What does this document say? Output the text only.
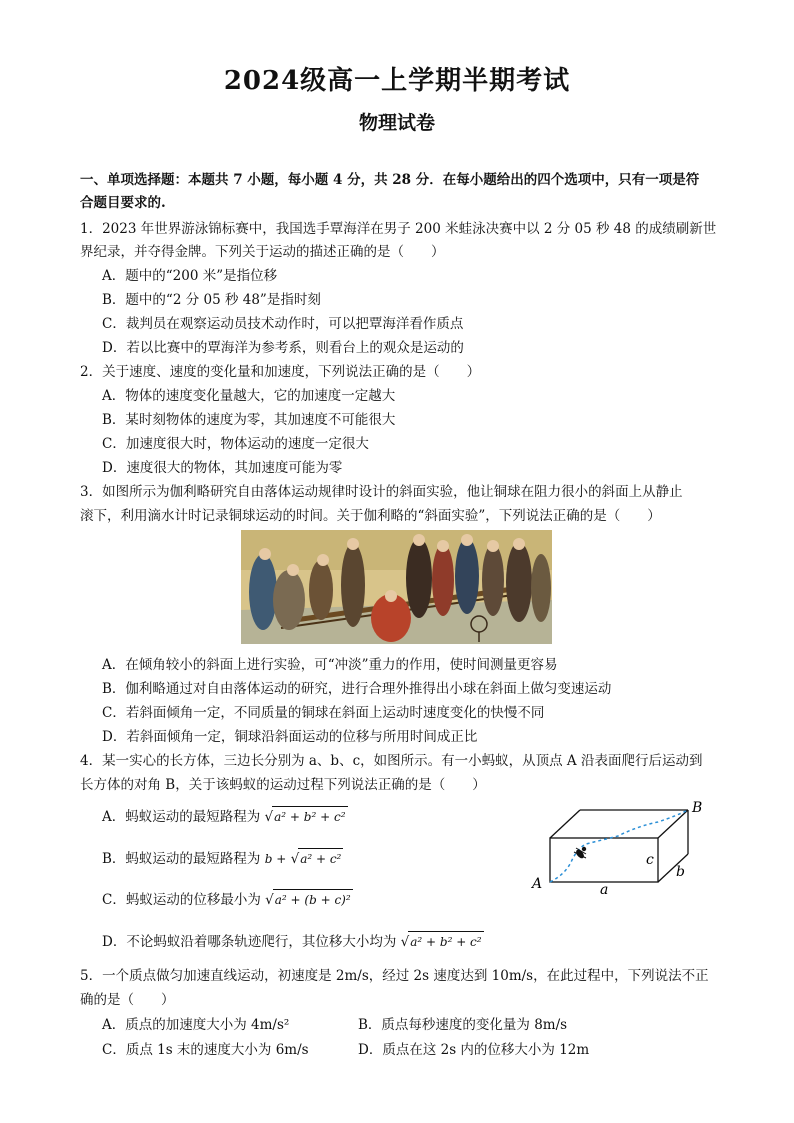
2024级高一上学期半期考试
物理试卷
一、单项选择题：本题共 7 小题，每小题 4 分，共 28 分．在每小题给出的四个选项中，只有一项是符
合题目要求的.
1．2023 年世界游泳锦标赛中，我国选手覃海洋在男子 200 米蛙泳决赛中以 2 分 05 秒 48 的成绩刷新世
界纪录，并夺得金牌。下列关于运动的描述正确的是（　　）
A．题中的“200 米”是指位移
B．题中的“2 分 05 秒 48”是指时刻
C．裁判员在观察运动员技术动作时，可以把覃海洋看作质点
D．若以比赛中的覃海洋为参考系，则看台上的观众是运动的
2．关于速度、速度的变化量和加速度，下列说法正确的是（　　）
A．物体的速度变化量越大，它的加速度一定越大
B．某时刻物体的速度为零，其加速度不可能很大
C．加速度很大时，物体运动的速度一定很大
D．速度很大的物体，其加速度可能为零
3．如图所示为伽利略研究自由落体运动规律时设计的斜面实验，他让铜球在阻力很小的斜面上从静止
滚下，利用滴水计时记录铜球运动的时间。关于伽利略的“斜面实验”，下列说法正确的是（　　）
A．在倾角较小的斜面上进行实验，可“冲淡”重力的作用，使时间测量更容易
B．伽利略通过对自由落体运动的研究，进行合理外推得出小球在斜面上做匀变速运动
C．若斜面倾角一定，不同质量的铜球在斜面上运动时速度变化的快慢不同
D．若斜面倾角一定，铜球沿斜面运动的位移与所用时间成正比
4．某一实心的长方体，三边长分别为 a、b、c，如图所示。有一小蚂蚁，从顶点 A 沿表面爬行后运动到
长方体的对角 B，关于该蚂蚁的运动过程下列说法正确的是（　　）
A．蚂蚁运动的最短路程为 √a² + b² + c²
B．蚂蚁运动的最短路程为 b + √a² + c²
C．蚂蚁运动的位移最小为 √a² + (b + c)²
D．不论蚂蚁沿着哪条轨迹爬行，其位移大小均为 √a² + b² + c²
A
B
a
b
c
5．一个质点做匀加速直线运动，初速度是 2m/s，经过 2s 速度达到 10m/s，在此过程中，下列说法不正
确的是（　　）
A．质点的加速度大小为 4m/s²	B．质点每秒速度的变化量为 8m/s
C．质点 1s 末的速度大小为 6m/s	D．质点在这 2s 内的位移大小为 12m
